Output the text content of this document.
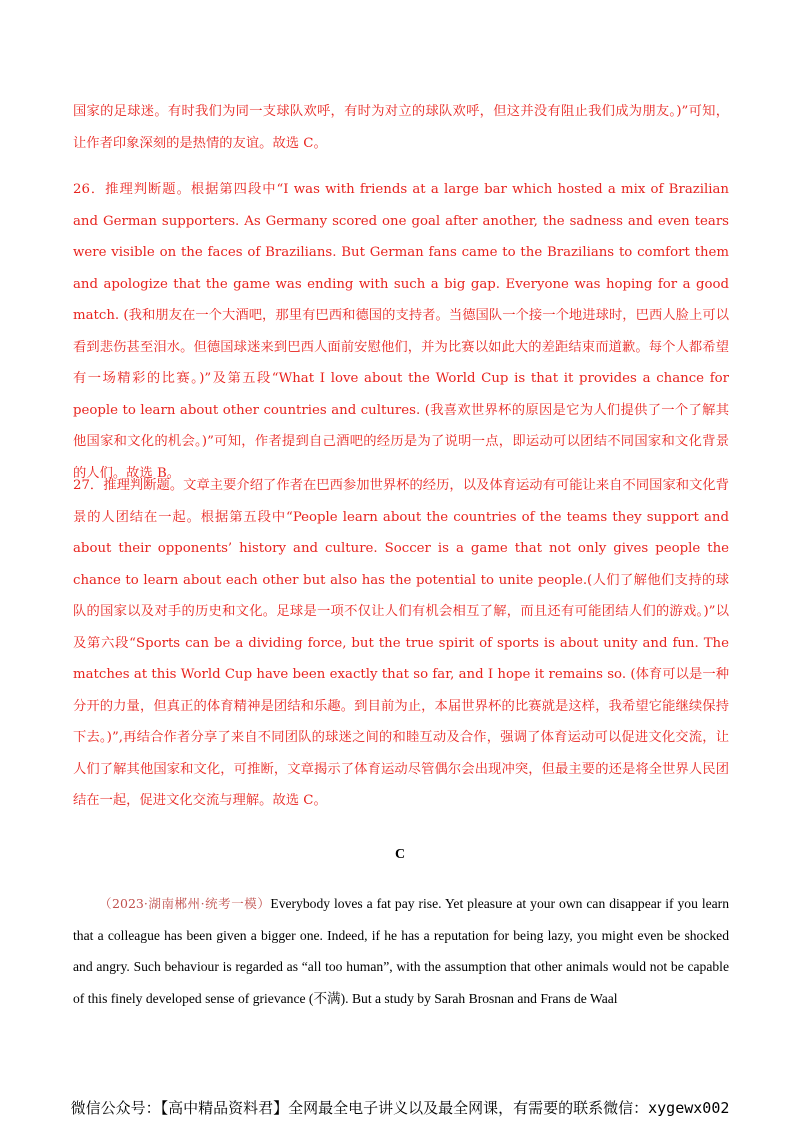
国家的足球迷。有时我们为同一支球队欢呼，有时为对立的球队欢呼，但这并没有阻止我们成为朋友。)”可知，让作者印象深刻的是热情的友谊。故选 C。
26．推理判断题。根据第四段中“I was with friends at a large bar which hosted a mix of Brazilian and German supporters. As Germany scored one goal after another, the sadness and even tears were visible on the faces of Brazilians. But German fans came to the Brazilians to comfort them and apologize that the game was ending with such a big gap. Everyone was hoping for a good match. (我和朋友在一个大酒吧，那里有巴西和德国的支持者。当德国队一个接一个地进球时，巴西人脸上可以看到悲伤甚至泪水。但德国球迷来到巴西人面前安慰他们，并为比赛以如此大的差距结束而道歉。每个人都希望有一场精彩的比赛。)”及第五段“What I love about the World Cup is that it provides a chance for people to learn about other countries and cultures. (我喜欢世界杯的原因是它为人们提供了一个了解其他国家和文化的机会。)”可知，作者提到自己酒吧的经历是为了说明一点，即运动可以团结不同国家和文化背景的人们。故选 B。
27．推理判断题。文章主要介绍了作者在巴西参加世界杯的经历，以及体育运动有可能让来自不同国家和文化背景的人团结在一起。根据第五段中“People learn about the countries of the teams they support and about their opponents’ history and culture. Soccer is a game that not only gives people the chance to learn about each other but also has the potential to unite people.(人们了解他们支持的球队的国家以及对手的历史和文化。足球是一项不仅让人们有机会相互了解，而且还有可能团结人们的游戏。)”以及第六段“Sports can be a dividing force, but the true spirit of sports is about unity and fun. The matches at this World Cup have been exactly that so far, and I hope it remains so. (体育可以是一种分开的力量，但真正的体育精神是团结和乐趣。到目前为止，本届世界杯的比赛就是这样，我希望它能继续保持下去。)”,再结合作者分享了来自不同团队的球迷之间的和睦互动及合作，强调了体育运动可以促进文化交流，让人们了解其他国家和文化，可推断，文章揭示了体育运动尽管偶尔会出现冲突，但最主要的还是将全世界人民团结在一起，促进文化交流与理解。故选 C。
C
（2023·湖南郴州·统考一模）Everybody loves a fat pay rise. Yet pleasure at your own can disappear if you learn that a colleague has been given a bigger one. Indeed, if he has a reputation for being lazy, you might even be shocked and angry. Such behaviour is regarded as “all too human”, with the assumption that other animals would not be capable of this finely developed sense of grievance (不满). But a study by Sarah Brosnan and Frans de Waal
微信公众号：【高中精品资料君】全网最全电子讲义以及最全网课，有需要的联系微信：xygewx002
